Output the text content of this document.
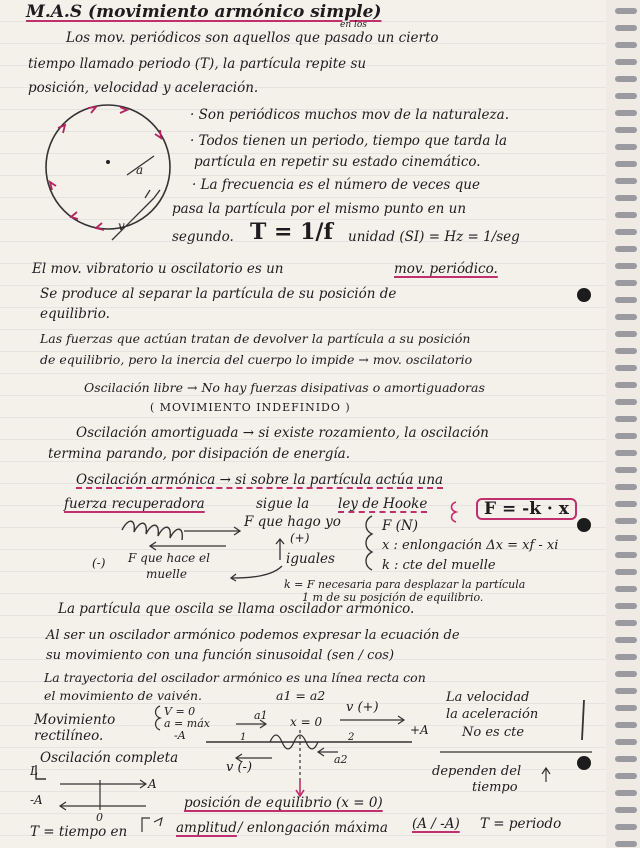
M.A.S (movimiento armónico simple)
en los
Los mov. periódicos son aquellos que pasado un cierto
tiempo llamado periodo (T), la partícula repite su
posición, velocidad y aceleración.
a
v
· Son periódicos muchos mov de la naturaleza.
· Todos tienen un periodo, tiempo que tarda la
partícula en repetir su estado cinemático.
· La frecuencia es el número de veces que
pasa la partícula por el mismo punto en un
segundo. T = 1/f unidad (SI) = Hz = 1/seg
El mov. vibratorio u oscilatorio es un	mov. periódico.
Se produce al separar la partícula de su posición de
equilibrio.
Las fuerzas que actúan tratan de devolver la partícula a su posición
de equilibrio, pero la inercia del cuerpo lo impide → mov. oscilatorio
Oscilación libre → No hay fuerzas disipativas o amortiguadoras
( MOVIMIENTO INDEFINIDO )
Oscilación amortiguada → si existe rozamiento, la oscilación
termina parando, por disipación de energía.
Oscilación armónica → si sobre la partícula actúa una
fuerza recuperadora	sigue la ley de Hooke	F = -k · x
F que hago yo
(+)
(-) F que hace el
muelle
iguales
F (N)
x : enlongación Δx = xf - xi
k : cte del muelle
k = F necesaria para desplazar la partícula
1 m de su posición de equilibrio.
La partícula que oscila se llama oscilador armónico.
Al ser un oscilador armónico podemos expresar la ecuación de
su movimiento con una función sinusoidal (sen / cos)
La trayectoria del oscilador armónico es una línea recta con
el movimiento de vaivén.	a1 = a2
Movimiento
rectilíneo.
V = 0
a = máx
-A
x = 0
v (+)
v (-)
+A
a1
a2
1	2
La velocidad
la aceleración
No es cte
dependen del
tiempo
Oscilación completa
L
-A
A
0
posición de equilibrio (x = 0)
T = tiempo en	amplitud / enlongación máxima (A / -A) T = periodo
